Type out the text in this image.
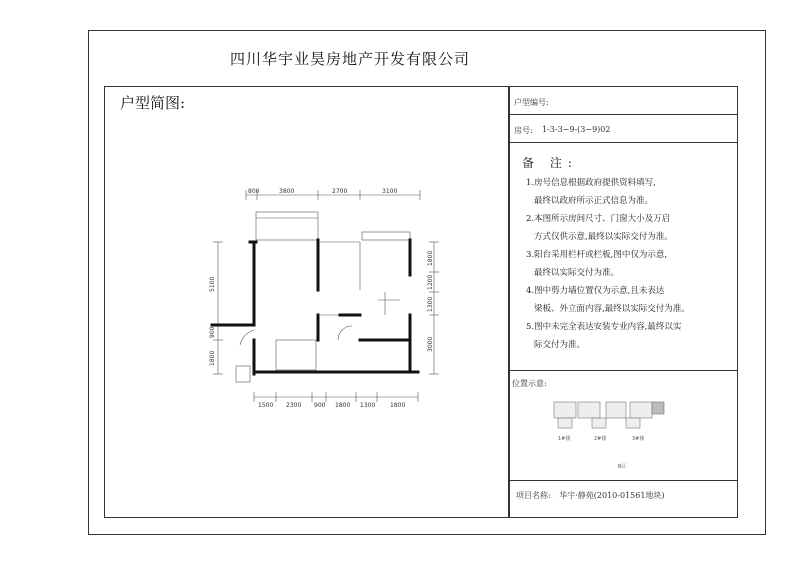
四川华宇业昊房地产开发有限公司
户型简图:
800	3800	2700	3100
1500 2300 900 1800 1300 1800
5100
900
1800
1800
1200
1300
3000
户型编号:
房号: 1-3-3~9-(3~9)02
备 注:
1.房号信息根据政府提供资料填写,
最终以政府所示正式信息为准。
2.本图所示房间尺寸、门窗大小及万启
方式仅供示意,最终以实际交付为准。
3.阳台采用栏杆或栏板,图中仅为示意,
最终以实际交付为准。
4.图中剪力墙位置仅为示意,且未表达
梁板、外立面内容,最终以实际交付为准。
5.图中未完全表达安装专业内容,最终以实
际交付为准。
位置示意:
1#楼	2#楼	3#楼
B区
项目名称: 华宇·静苑(2010-01561地块)
